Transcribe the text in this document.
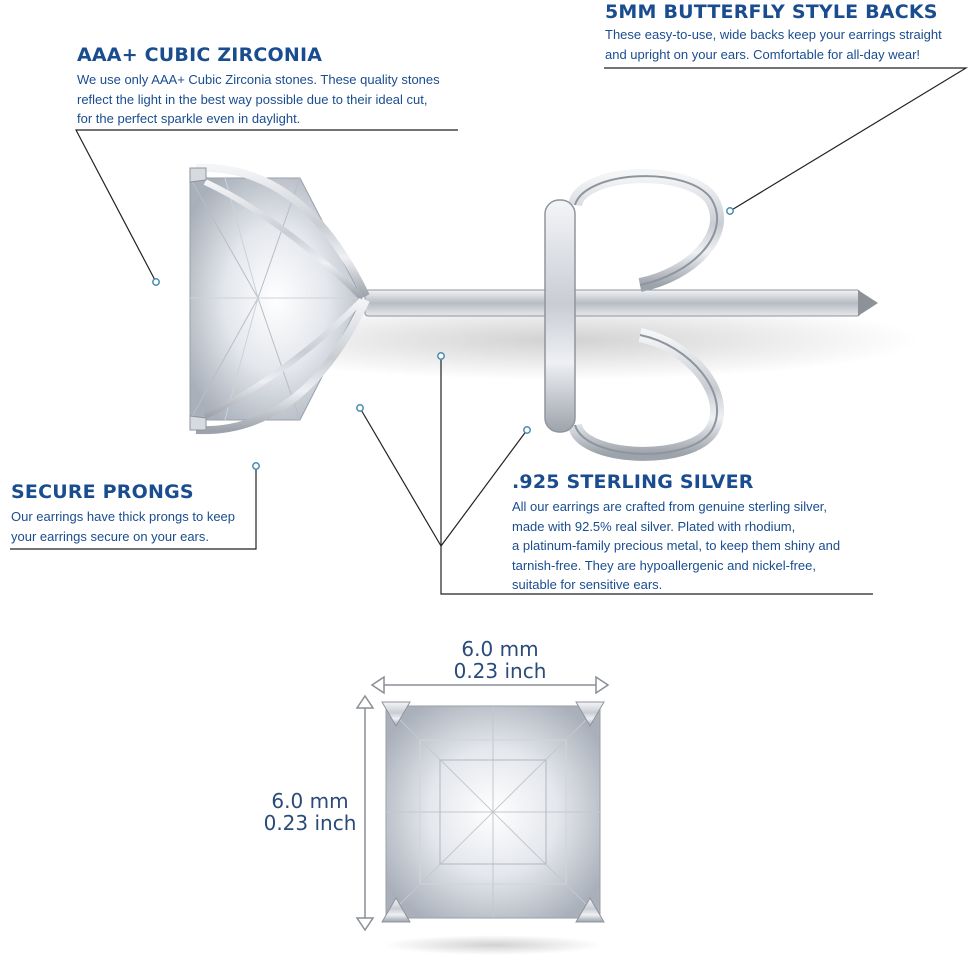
AAA+ CUBIC ZIRCONIA
We use only AAA+ Cubic Zirconia stones. These quality stones
reflect the light in the best way possible due to their ideal cut,
for the perfect sparkle even in daylight.
5MM BUTTERFLY STYLE BACKS
These easy-to-use, wide backs keep your earrings straight
and upright on your ears. Comfortable for all-day wear!
SECURE PRONGS
Our earrings have thick prongs to keep
your earrings secure on your ears.
.925 STERLING SILVER
All our earrings are crafted from genuine sterling silver,
made with 92.5% real silver. Plated with rhodium,
a platinum-family precious metal, to keep them shiny and
tarnish-free. They are hypoallergenic and nickel-free,
suitable for sensitive ears.
6.0 mm
0.23 inch
6.0 mm
0.23 inch
